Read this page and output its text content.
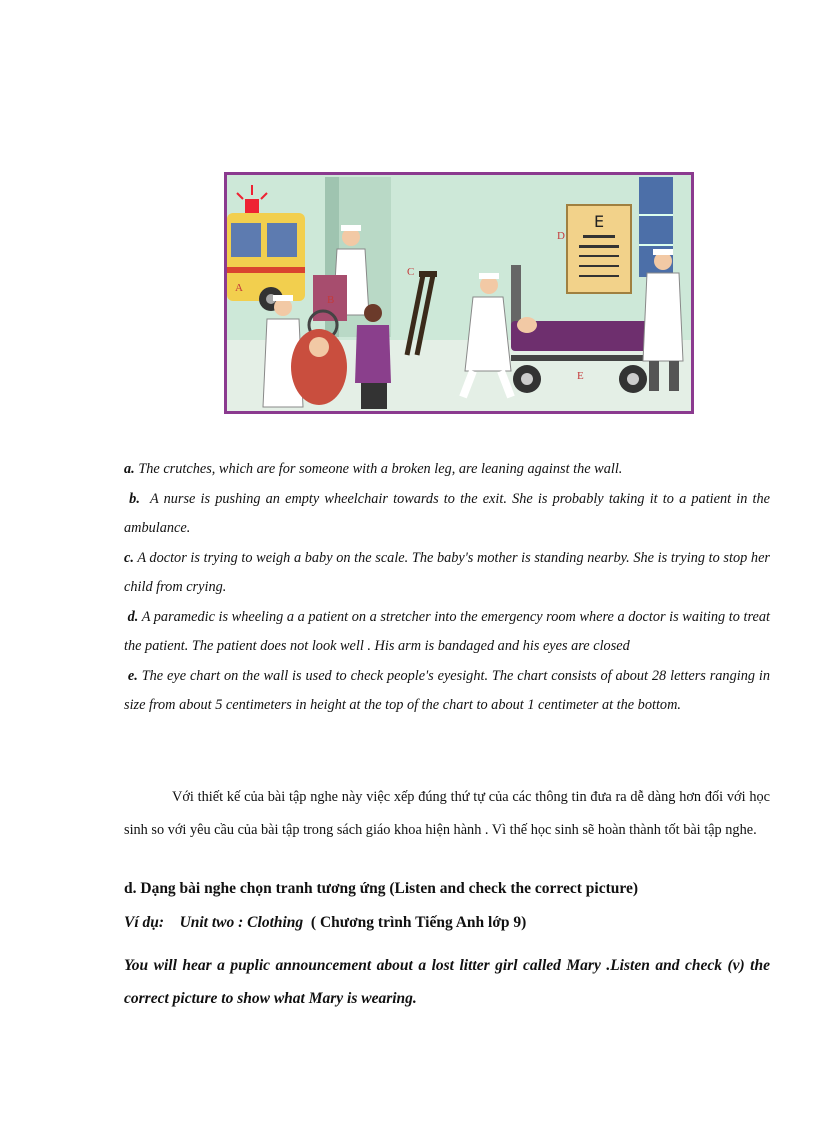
E
A
B
C
D
E

a. The crutches, which are for someone with a broken leg, are leaning against the wall.

b. A nurse is pushing an empty wheelchair towards to the exit. She is probably taking it to a patient in the ambulance.

c. A doctor is trying to weigh a baby on the scale. The baby's mother is standing nearby. She is trying to stop her child from crying.

d. A paramedic is wheeling a a patient on a stretcher into the emergency room where a doctor is waiting to treat the patient. The patient does not look well . His arm is bandaged and his eyes are closed

e. The eye chart on the wall is used to check people's eyesight. The chart consists of about 28 letters ranging in size from about 5 centimeters in height at the top of the chart to about 1 centimeter at the bottom.

Với thiết kế của bài tập nghe này việc xếp đúng thứ tự của các thông tin đưa ra dễ dàng hơn đối với học sinh so với yêu cầu của bài tập trong sách giáo khoa hiện hành . Vì thế học sinh sẽ hoàn thành tốt bài tập nghe.

d. Dạng bài nghe chọn tranh tương ứng (Listen and check the correct picture)
Ví dụ: Unit two : Clothing ( Chương trình Tiếng Anh lớp 9)
You will hear a puplic announcement about a lost litter girl called Mary .Listen and check (v) the correct picture to show what Mary is wearing.
